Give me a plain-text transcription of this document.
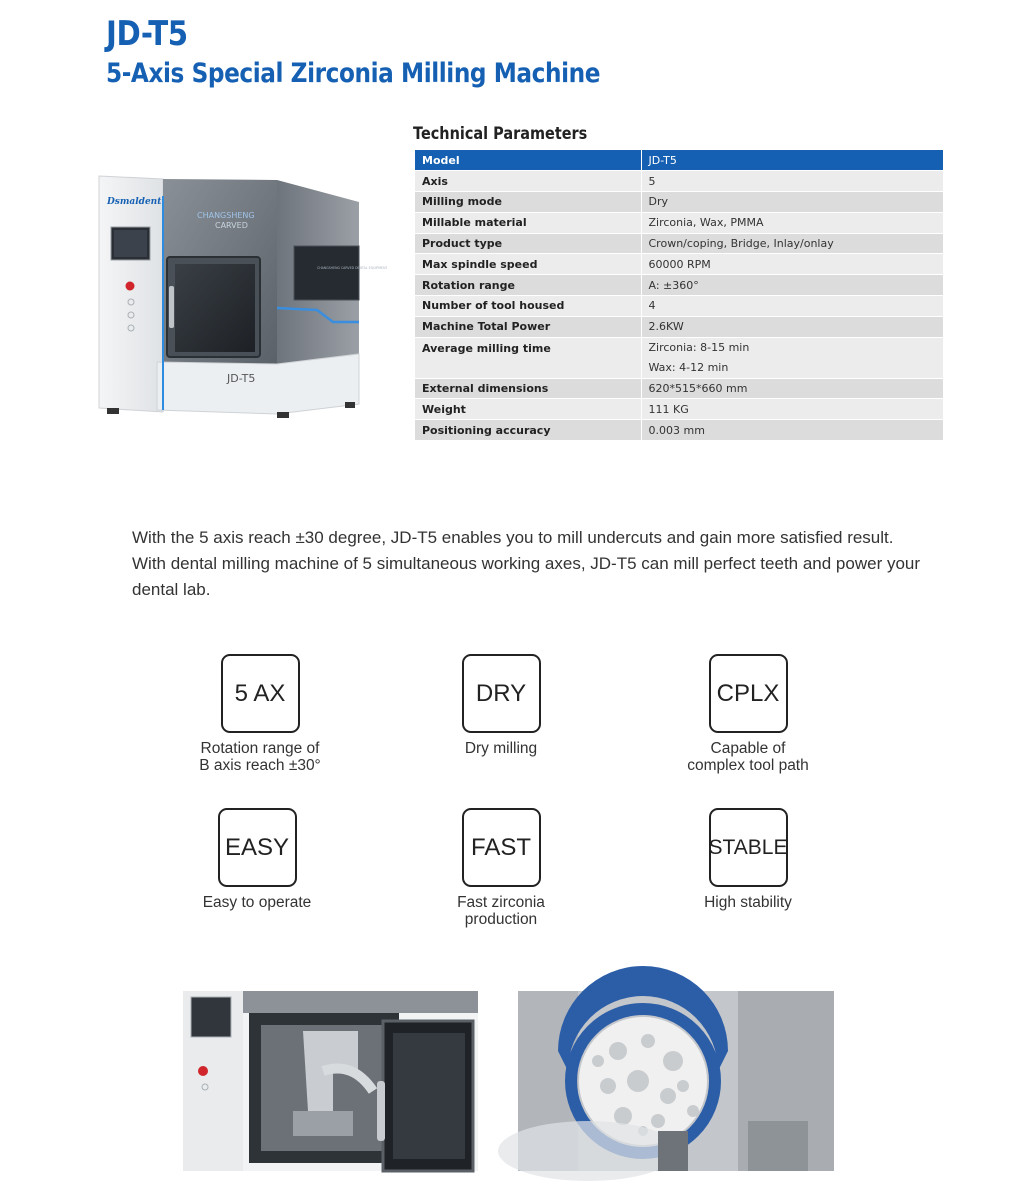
JD-T5
5-Axis Special Zirconia Milling Machine
Dsmaldent
CHANGSHENG
CARVED
CHANGSHENG CARVED DENTAL EQUIPMENT
JD-T5
Technical Parameters
Model	JD-T5
Axis	5
Milling mode	Dry
Millable material	Zirconia, Wax, PMMA
Product type	Crown/coping, Bridge, Inlay/onlay
Max spindle speed	60000 RPM
Rotation range	A: ±360°
Number of tool housed	4
Machine Total Power	2.6KW
Average milling time	Zirconia: 8-15 min
Wax: 4-12 min

External dimensions	620*515*660 mm
Weight	111 KG
Positioning accuracy	0.003 mm

With the 5 axis reach ±30 degree, JD-T5 enables you to mill undercuts and gain more satisfied result. With dental milling machine of 5 simultaneous working axes, JD-T5 can mill perfect teeth and power your dental lab.

5 AX
Rotation range of
B axis reach ±30°
DRY
Dry milling
CPLX
Capable of
complex tool path
EASY
Easy to operate
FAST
Fast zirconia
production
STABLE
High stability
